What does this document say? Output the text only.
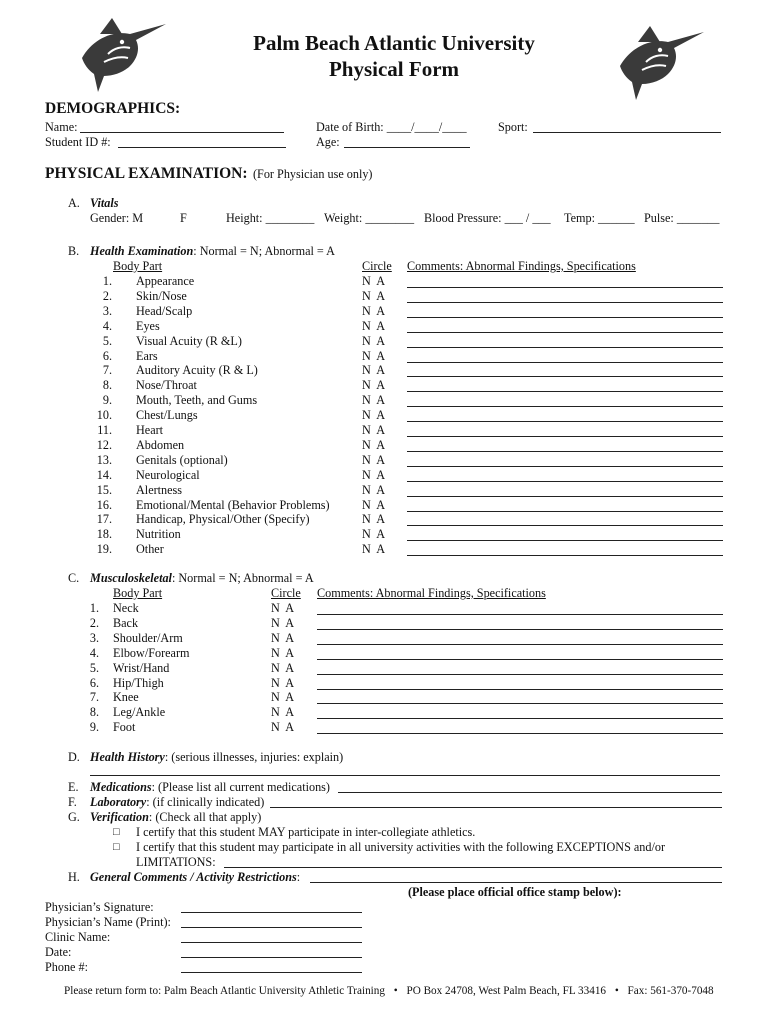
Palm Beach Atlantic University
Physical Form
DEMOGRAPHICS:
Name:
Student ID #:
Date of Birth: ____/____/____
Age:
Sport:
PHYSICAL EXAMINATION: (For Physician use only)
A. Vitals
Gender: M	F	Height: ________ Weight: ________ Blood Pressure: ___ / ___ Temp: ______ Pulse: _______
B. Health Examination: Normal = N; Abnormal = A
Body Part	Circle Comments: Abnormal Findings, Specifications
1. Appearance	N  A
2. Skin/Nose	N  A
3. Head/Scalp	N  A
4. Eyes	N  A
5. Visual Acuity (R &L)	N  A
6. Ears	N  A
7. Auditory Acuity (R & L)	N  A
8. Nose/Throat	N  A
9. Mouth, Teeth, and Gums	N  A
10. Chest/Lungs	N  A
11. Heart	N  A
12. Abdomen	N  A
13. Genitals (optional)	N  A
14. Neurological	N  A
15. Alertness	N  A
16. Emotional/Mental (Behavior Problems)	N  A
17. Handicap, Physical/Other (Specify)	N  A
18. Nutrition	N  A
19. Other	N  A
C. Musculoskeletal: Normal = N; Abnormal = A
Body Part	Circle Comments: Abnormal Findings, Specifications
1. Neck	N  A
2. Back	N  A
3. Shoulder/Arm	N  A
4. Elbow/Forearm	N  A
5. Wrist/Hand	N  A
6. Hip/Thigh	N  A
7. Knee	N  A
8. Leg/Ankle	N  A
9. Foot	N  A
D. Health History: (serious illnesses, injuries: explain)
E. Medications: (Please list all current medications)
F. Laboratory: (if clinically indicated)
G. Verification: (Check all that apply)
□ I certify that this student MAY participate in inter-collegiate athletics.
□ I certify that this student may participate in all university activities with the following EXCEPTIONS and/or
LIMITATIONS:
H. General Comments / Activity Restrictions:
(Please place official office stamp below):
Physician’s Signature:
Physician’s Name (Print):
Clinic Name:
Date:
Phone #:
Please return form to: Palm Beach Atlantic University Athletic Training • PO Box 24708, West Palm Beach, FL 33416 • Fax: 561-370-7048
